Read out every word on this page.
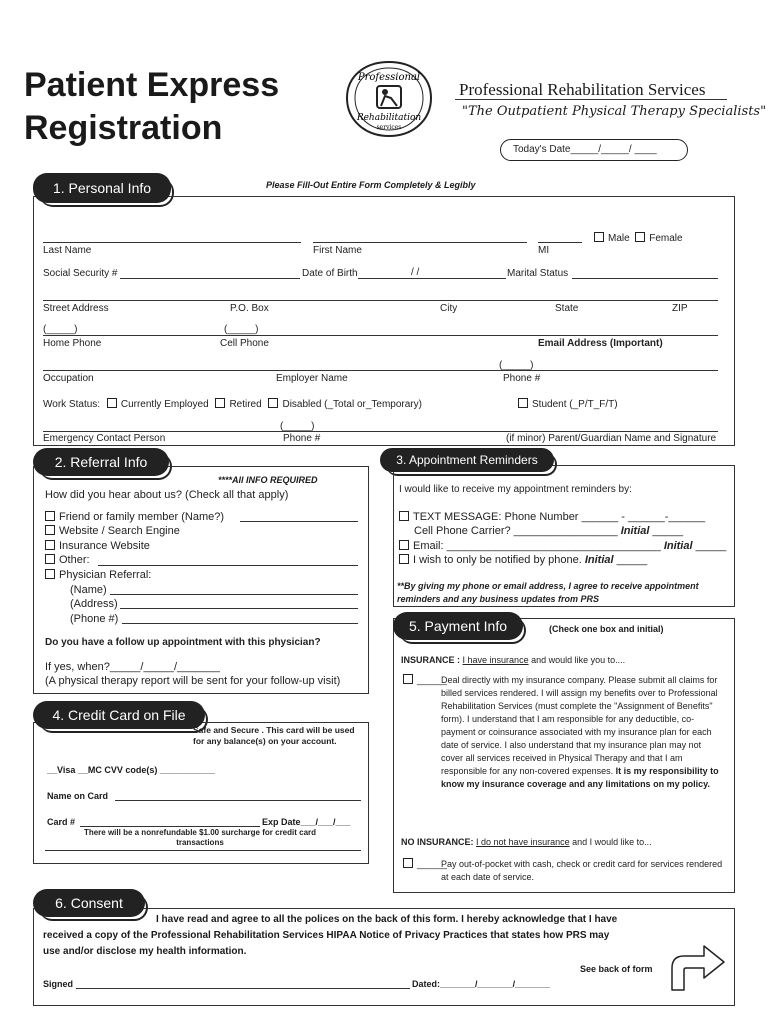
Patient Express
Registration
Professional
Rehabilitation
services
Professional Rehabilitation Services
"The Outpatient Physical Therapy Specialists"
Today's Date_____/_____/ ____
Please Fill-Out Entire Form Completely & Legibly
1. Personal Info
Last Name	First Name	MI
Male Female
Social Security #	Date of Birth	/ /	Marital Status
Street Address	P.O. Box	City	State	ZIP
(_____)	(_____)
Home Phone	Cell Phone	Email Address (Important)
(_____)
Occupation	Employer Name	Phone #
Work Status: Currently Employed Retired Disabled (_Total or_Temporary)	Student (_P/T_F/T)
(_____)
Emergency Contact Person	Phone #	(if minor) Parent/Guardian Name and Signature
2. Referral Info
****All INFO REQUIRED
How did you hear about us? (Check all that apply)
Friend or family member (Name?)
Website / Search Engine
Insurance Website
Other:
Physician Referral:
(Name)
(Address)
(Phone #)
Do you have a follow up appointment with this physician?
If yes, when?_____/_____/_______
(A physical therapy report will be sent for your follow-up visit)
3. Appointment Reminders
I would like to receive my appointment reminders by:
TEXT MESSAGE: Phone Number ______ - ______-______
Cell Phone Carrier? _________________ Initial _____
Email: ___________________________________ Initial _____
I wish to only be notified by phone. Initial _____
**By giving my phone or email address, I agree to receive appointment reminders and any business updates from PRS
5. Payment Info	(Check one box and initial)
INSURANCE : I have insurance and would like you to....
______
Deal directly with my insurance company. Please submit all claims for billed services rendered. I will assign my benefits over to Professional Rehabilitation Services (must complete the "Assignment of Benefits" form). I understand that I am responsible for any deductible, co-payment or coinsurance associated with my insurance plan for each date of service. I also understand that my insurance plan may not cover all services received in Physical Therapy and that I am responsible for any non-covered expenses. It is my responsibility to know my insurance coverage and any limitations on my policy.
NO INSURANCE: I do not have insurance and I would like to...
______
Pay out-of-pocket with cash, check or credit card for services rendered at each date of service.
4. Credit Card on File
Safe and Secure . This card will be used for any balance(s) on your account.
__Visa __MC CVV code(s) ___________
Name on Card
Card #	Exp Date___/___/___
There will be a nonrefundable $1.00 surcharge for credit card transactions
6. Consent
I have read and agree to all the polices on the back of this form. I hereby acknowledge that I have
received a copy of the Professional Rehabilitation Services HIPAA Notice of Privacy Practices that states how PRS may
use and/or disclose my health information.
See back of form
Signed	Dated:_______/_______/_______
